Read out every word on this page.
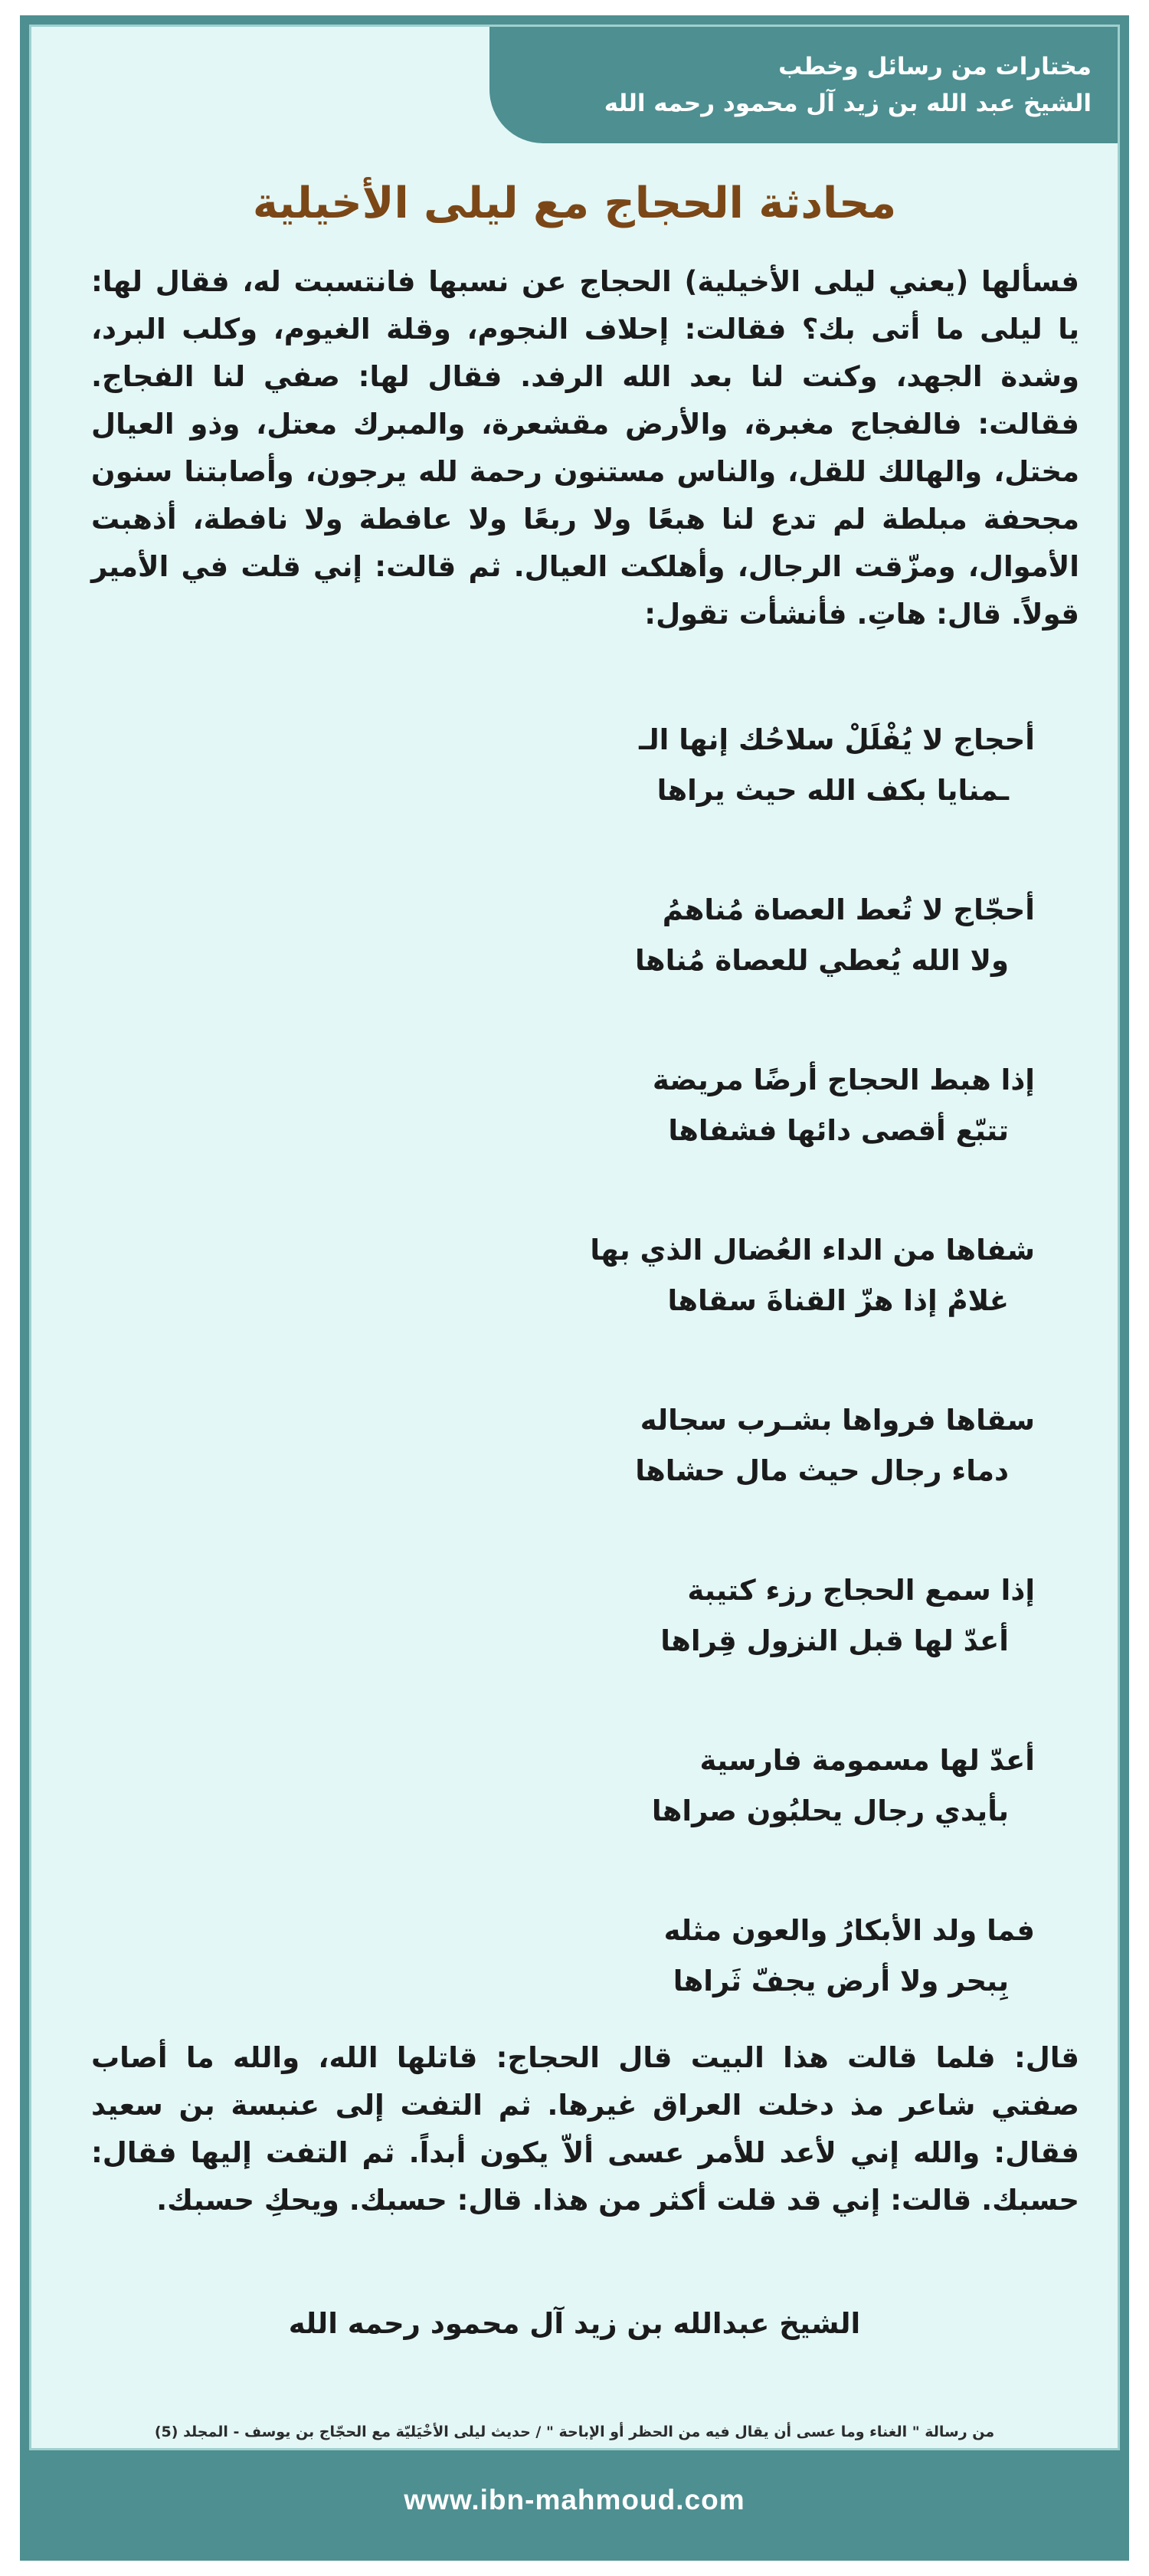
مختارات من رسائل وخطب
الشيخ عبد الله بن زيد آل محمود رحمه الله
محادثة الحجاج مع ليلى الأخيلية

فسألها (يعني ليلى الأخيلية) الحجاج عن نسبها فانتسبت له، فقال لها: يا ليلى ما أتى بك؟ فقالت: إحلاف النجوم، وقلة الغيوم، وكلب البرد، وشدة الجهد، وكنت لنا بعد الله الرفد. فقال لها: صفي لنا الفجاج. فقالت: فالفجاج مغبرة، والأرض مقشعرة، والمبرك معتل، وذو العيال مختل، والهالك للقل، والناس مستنون رحمة لله يرجون، وأصابتنا سنون مجحفة مبلطة لم تدع لنا هبعًا ولا ربعًا ولا عافطة ولا نافطة، أذهبت الأموال، ومزّقت الرجال، وأهلكت العيال. ثم قالت: إني قلت في الأمير قولاً. قال: هاتِ. فأنشأت تقول:

أحجاج لا يُفْلَلْ سلاحُك إنها الـ
ـمنايا بكف الله حيث يراها
أحجّاج لا تُعط العصاة مُناهمُ
ولا الله يُعطي للعصاة مُناها
إذا هبط الحجاج أرضًا مريضة
تتبّع أقصى دائها فشفاها
شفاها من الداء العُضال الذي بها
غلامٌ إذا هزّ القناةَ سقاها
سقاها فرواها بشـرب سجاله
دماء رجال حيث مال حشاها
إذا سمع الحجاج رزء كتيبة
أعدّ لها قبل النزول قِراها
أعدّ لها مسمومة فارسية
بأيدي رجال يحلبُون صراها
فما ولد الأبكارُ والعون مثله
بِبحر ولا أرض يجفّ ثَراها

قال: فلما قالت هذا البيت قال الحجاج: قاتلها الله، والله ما أصاب صفتي شاعر مذ دخلت العراق غيرها. ثم التفت إلى عنبسة بن سعيد فقال: والله إني لأعد للأمر عسى ألاّ يكون أبداً. ثم التفت إليها فقال: حسبك. قالت: إني قد قلت أكثر من هذا. قال: حسبك. ويحكِ حسبك.

الشيخ عبدالله بن زيد آل محمود رحمه الله
من رسالة " الغناء وما عسى أن يقال فيه من الحظر أو الإباحة " / حديث ليلى الأخْيَليّة مع الحجّاج بن يوسف - المجلد (5)
www.ibn-mahmoud.com
